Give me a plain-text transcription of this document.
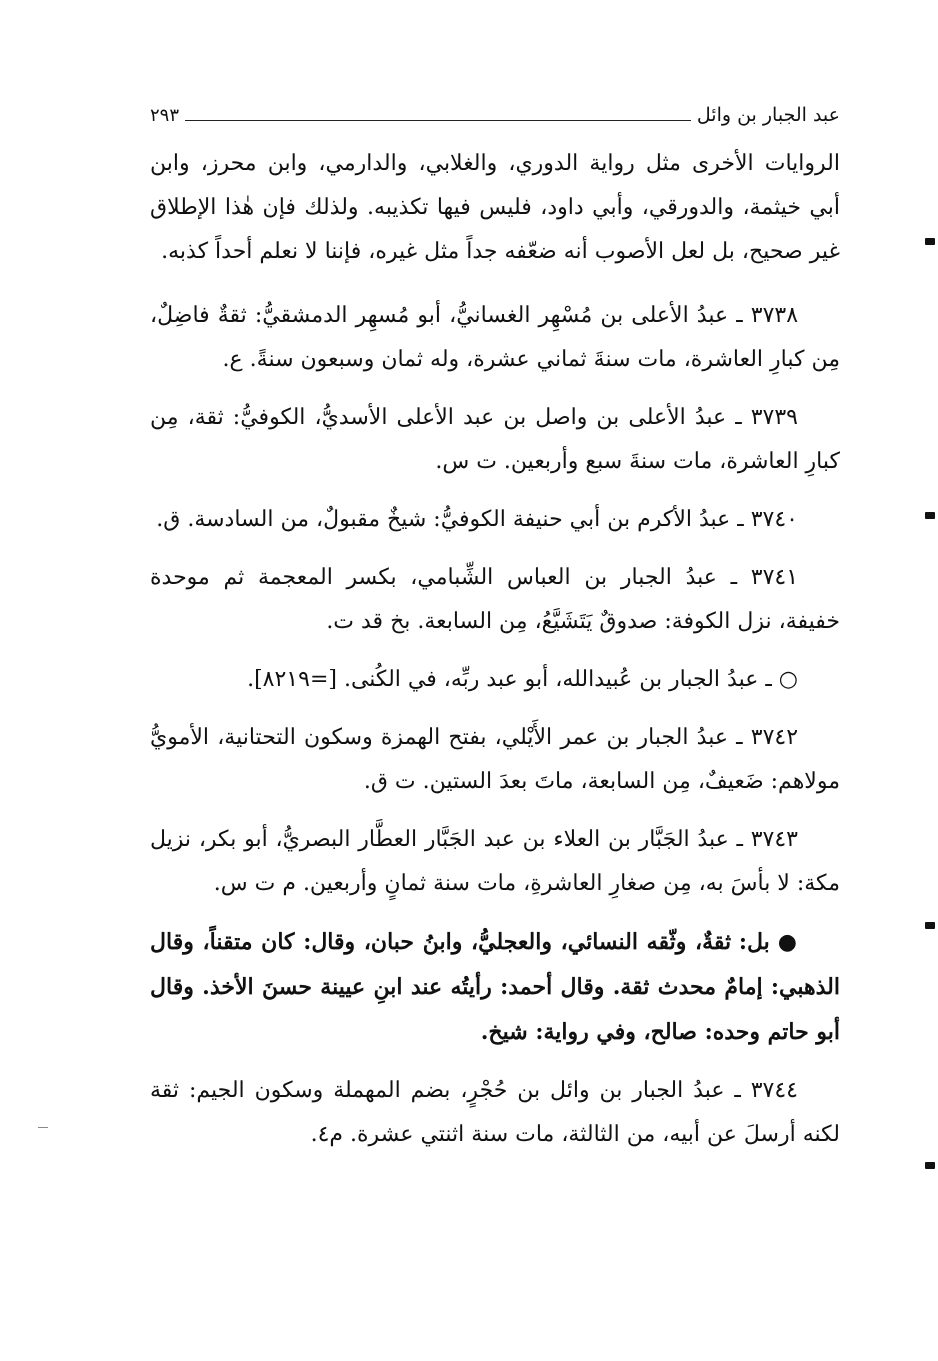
عبد الجبار بن وائل
٢٩٣

الروايات الأخرى مثل رواية الدوري، والغلابي، والدارمي، وابن محرز، وابن أبي خيثمة، والدورقي، وأبي داود، فليس فيها تكذيبه. ولذلك فإن هٰذا الإطلاق غير صحيح، بل لعل الأصوب أنه ضعّفه جداً مثل غيره، فإننا لا نعلم أحداً كذبه.

٣٧٣٨ ـ عبدُ الأعلى بن مُسْهِر الغسانيُّ، أبو مُسهِر الدمشقيُّ: ثقةٌ فاضِلٌ، مِن كبارِ العاشرة، مات سنةَ ثماني عشرة، وله ثمان وسبعون سنةً. ع.

٣٧٣٩ ـ عبدُ الأعلى بن واصل بن عبد الأعلى الأسديُّ، الكوفيُّ: ثقة، مِن كبارِ العاشرة، مات سنةَ سبع وأربعين. ت س.

٣٧٤٠ ـ عبدُ الأكرم بن أبي حنيفة الكوفيُّ: شيخٌ مقبولٌ، من السادسة. ق.

٣٧٤١ ـ عبدُ الجبار بن العباس الشِّبامي، بكسر المعجمة ثم موحدة خفيفة، نزل الكوفة: صدوقٌ يَتَشَيَّعُ، مِن السابعة. بخ قد ت.

○ ـ عبدُ الجبار بن عُبيدالله، أبو عبد ربِّه، في الكُنى. [=٨٢١٩].

٣٧٤٢ ـ عبدُ الجبار بن عمر الأَيْلي، بفتح الهمزة وسكون التحتانية، الأمويُّ مولاهم: ضَعيفٌ، مِن السابعة، ماتَ بعدَ الستين. ت ق.

٣٧٤٣ ـ عبدُ الجَبَّار بن العلاء بن عبد الجَبَّار العطَّار البصريُّ، أبو بكر، نزيل مكة: لا بأسَ به، مِن صغارِ العاشرةِ، مات سنة ثمانٍ وأربعين. م ت س.

● بل: ثقةٌ، وثّقه النسائي، والعجليُّ، وابنُ حبان، وقال: كان متقناً، وقال الذهبي: إمامٌ محدث ثقة. وقال أحمد: رأيتُه عند ابنِ عيينة حسنَ الأخذ. وقال أبو حاتم وحده: صالح، وفي رواية: شيخ.

٣٧٤٤ ـ عبدُ الجبار بن وائل بن حُجْرٍ، بضم المهملة وسكون الجيم: ثقة لكنه أرسلَ عن أبيه، من الثالثة، مات سنة اثنتي عشرة. م٤.
